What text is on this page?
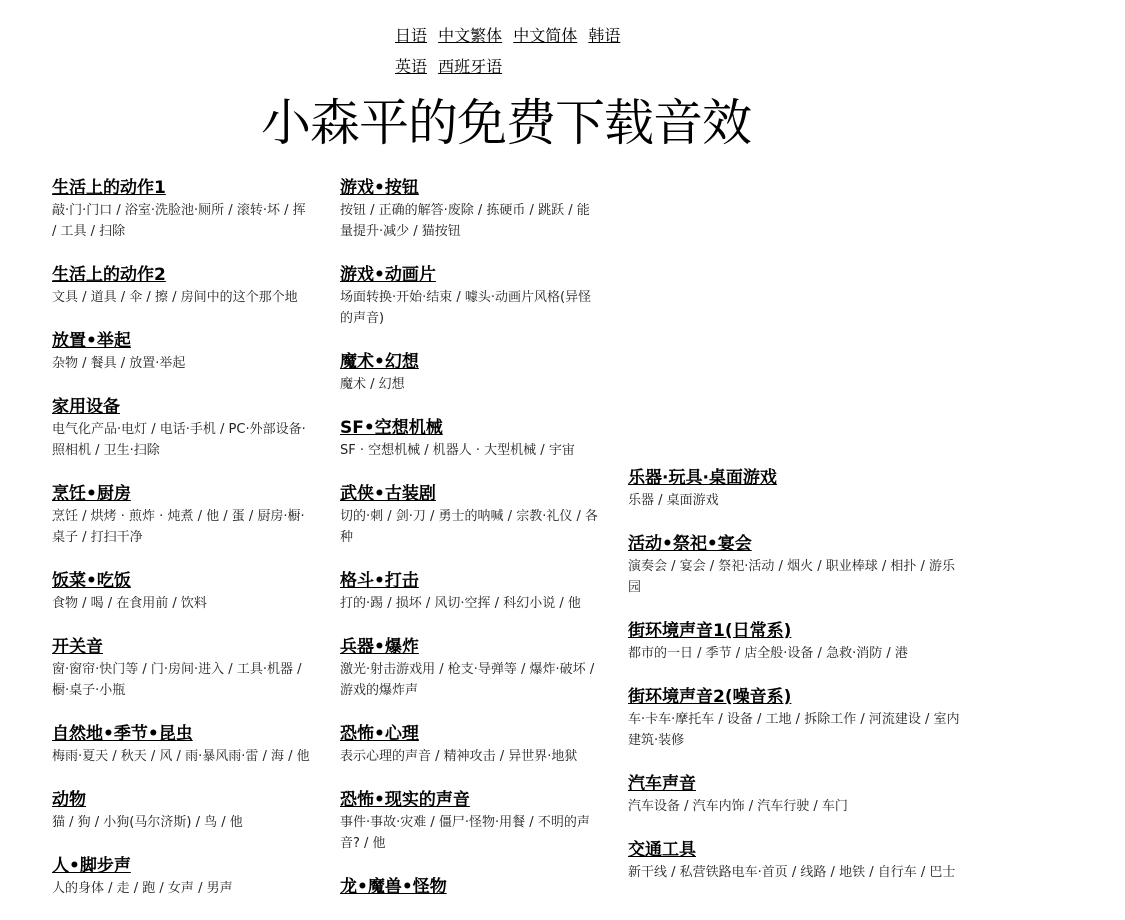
日语 中文繁体 中文简体 韩语
英语 西班牙语
小森平的免费下载音效
生活上的动作1
敲·门·门口 / 浴室·洗脸池·厕所 / 滚转·坏 / 挥 / 工具 / 扫除
生活上的动作2
文具 / 道具 / 伞 / 擦 / 房间中的这个那个地
放置•举起
杂物 / 餐具 / 放置·举起
家用设备
电气化产品·电灯 / 电话·手机 / PC·外部设备·照相机 / 卫生·扫除
烹饪•厨房
烹饪 / 烘烤 · 煎炸 · 炖煮 / 他 / 蛋 / 厨房·橱·桌子 / 打扫干净
饭菜•吃饭
食物 / 喝 / 在食用前 / 饮料
开关音
窗·窗帘·快门等 / 门·房间·进入 / 工具·机器 / 橱·桌子·小瓶
自然地•季节•昆虫
梅雨·夏天 / 秋天 / 风 / 雨·暴风雨·雷 / 海 / 他
动物
猫 / 狗 / 小狗(马尔济斯) / 鸟 / 他
人•脚步声
人的身体 / 走 / 跑 / 女声 / 男声
游戏•按钮
按钮 / 正确的解答·废除 / 拣硬币 / 跳跃 / 能量提升·减少 / 猫按钮
游戏•动画片
场面转换·开始·结束 / 噱头·动画片风格(异怪的声音)
魔术•幻想
魔术 / 幻想
SF•空想机械
SF · 空想机械 / 机器人 · 大型机械 / 宇宙
武侠•古装剧
切的·刺 / 剑·刀 / 勇士的呐喊 / 宗教·礼仪 / 各种
格斗•打击
打的·踢 / 损坏 / 风切·空挥 / 科幻小说 / 他
兵器•爆炸
激光·射击游戏用 / 枪支·导弹等 / 爆炸·破坏 / 游戏的爆炸声
恐怖•心理
表示心理的声音 / 精神攻击 / 异世界·地狱
恐怖•现实的声音
事件·事故·灾难 / 僵尸·怪物·用餐 / 不明的声音? / 他
龙•魔兽•怪物
乐器·玩具·桌面游戏
乐器 / 桌面游戏
活动•祭祀•宴会
演奏会 / 宴会 / 祭祀·活动 / 烟火 / 职业棒球 / 相扑 / 游乐园
街环境声音1(日常系)
都市的一日 / 季节 / 店全般·设备 / 急救·消防 / 港
街环境声音2(噪音系)
车·卡车·摩托车 / 设备 / 工地 / 拆除工作 / 河流建设 / 室内建筑·装修
汽车声音
汽车设备 / 汽车内饰 / 汽车行驶 / 车门
交通工具
新干线 / 私营铁路电车·首页 / 线路 / 地铁 / 自行车 / 巴士
